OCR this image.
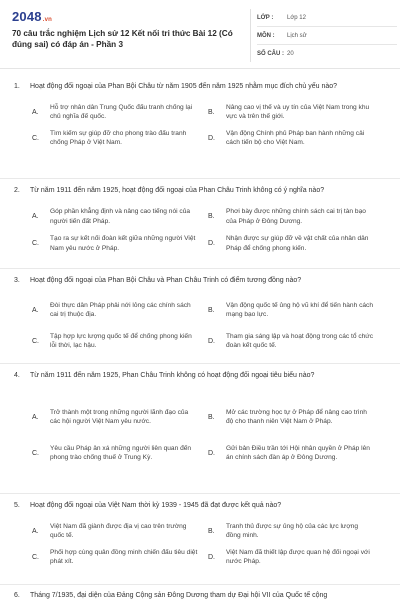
2048.vn
70 câu trắc nghiệm Lịch sử 12 Kết nối tri thức Bài 12 (Có đúng sai) có đáp án - Phần 3
LỚP :	Lớp 12
MÔN :	Lịch sử
SỐ CÂU : 20
1.	Hoạt động đối ngoại của Phan Bội Châu từ năm 1905 đến năm 1925 nhằm mục đích chủ yếu nào?
A.
Hỗ trợ nhân dân Trung Quốc đấu tranh chống lại chủ nghĩa đế quốc.
B.
Nâng cao vị thế và uy tín của Việt Nam trong khu vực và trên thế giới.
C.
Tìm kiếm sự giúp đỡ cho phong trào đấu tranh chống Pháp ở Việt Nam.
D.
Vận động Chính phủ Pháp ban hành những cải cách tiến bộ cho Việt Nam.
2.	Từ năm 1911 đến năm 1925, hoạt động đối ngoại của Phan Châu Trinh không có ý nghĩa nào?
A.
Góp phần khẳng định và nâng cao tiếng nói của người tiến đất Pháp.
B.
Phơi bày được những chính sách cai trị tàn bạo của Pháp ở Đông Dương.
C.
Tạo ra sự kết nối đoàn kết giữa những người Việt Nam yêu nước ở Pháp.
D.
Nhận được sự giúp đỡ về vật chất của nhân dân Pháp để chống phong kiến.
3.	Hoạt động đối ngoại của Phan Bội Châu và Phan Châu Trinh có điểm tương đồng nào?
A.
Đòi thực dân Pháp phải nới lỏng các chính sách cai trị thuộc địa.
B.
Vận động quốc tế ủng hộ vũ khí để tiến hành cách mạng bạo lực.
C.
Tập hợp lực lượng quốc tế để chống phong kiến lỗi thời, lạc hậu.
D.
Tham gia sáng lập và hoạt động trong các tổ chức đoàn kết quốc tế.
4.	Từ năm 1911 đến năm 1925, Phan Châu Trinh không có hoạt động đối ngoại tiêu biểu nào?
A.
Trở thành một trong những người lãnh đạo của các hội người Việt Nam yêu nước.
B.
Mở các trường học tự ở Pháp để nâng cao trình độ cho thanh niên Việt Nam ở Pháp.
C.
Yêu cầu Pháp ân xá những người liên quan đến phong trào chống thuế ở Trung Kỳ.
D.
Gửi bản Điều trần tới Hội nhân quyền ở Pháp lên án chính sách đàn áp ở Đông Dương.
5.	Hoạt động đối ngoại của Việt Nam thời kỳ 1939 - 1945 đã đạt được kết quả nào?
A.
Việt Nam đã giành được địa vị cao trên trường quốc tế.
B.
Tranh thủ được sự ủng hộ của các lực lượng đồng minh.
C.
Phối hợp cùng quân đồng minh chiến đấu tiêu diệt phát xít.
D.
Việt Nam đã thiết lập được quan hệ đối ngoại với nước Pháp.
6.	Tháng 7/1935, đại diện của Đảng Cộng sản Đông Dương tham dự Đại hội VII của Quốc tế cộng
